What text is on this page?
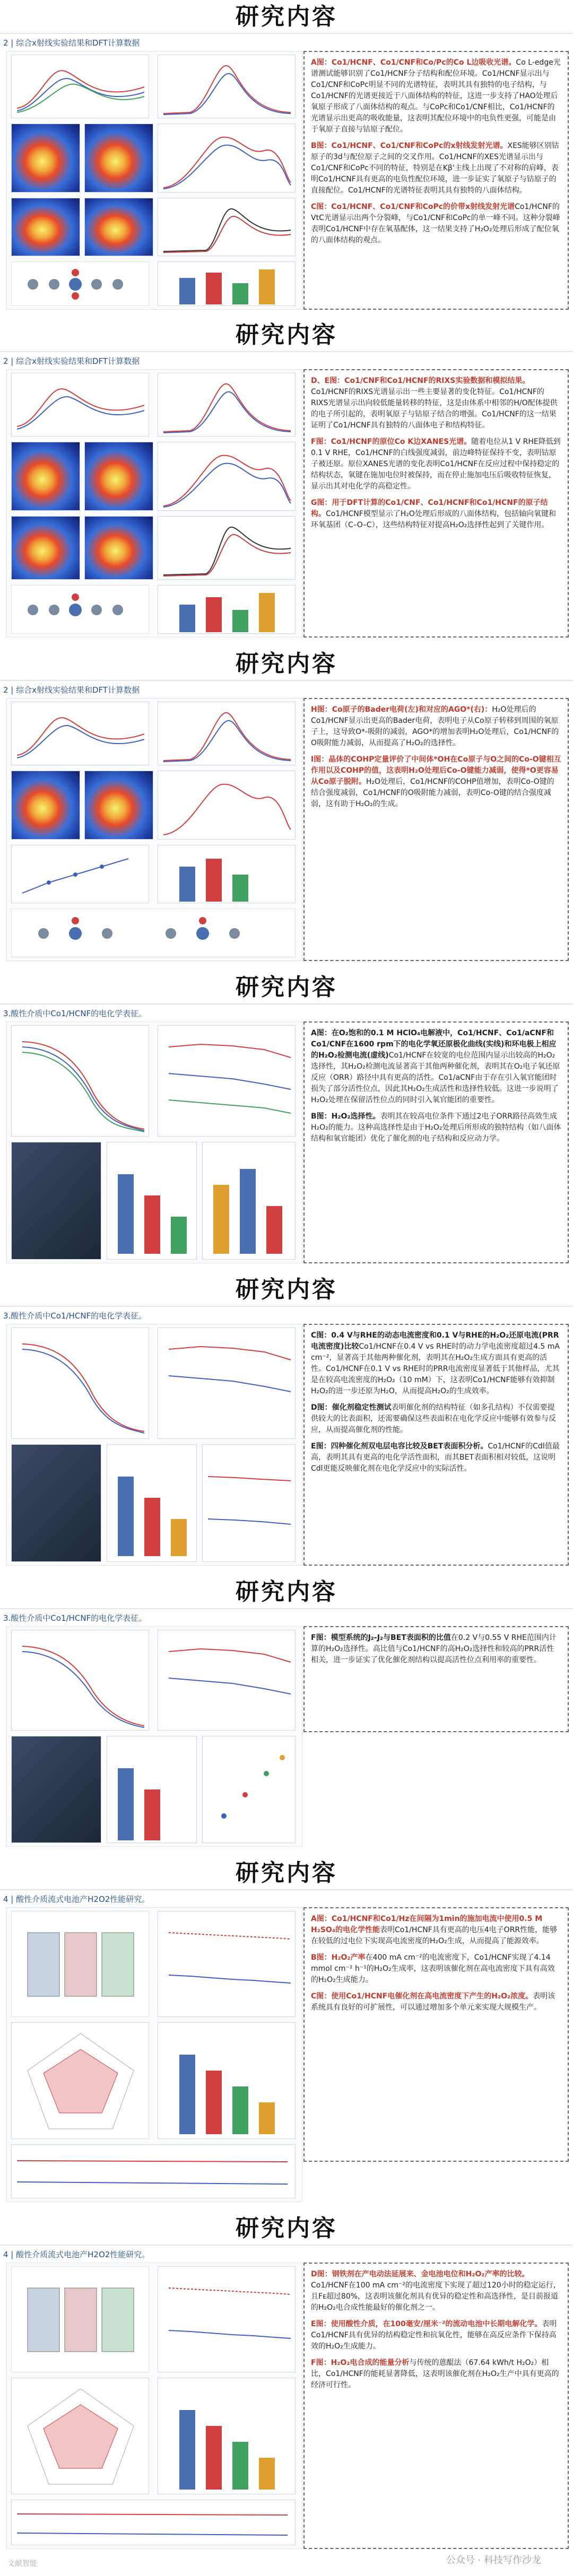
研究内容
2 | 综合x射线实验结果和DFT计算数据

A图：Co1/HCNF、Co1/CNF和Co/Pc的Co L边吸收光谱。Co L-edge光谱测试能够识别了Co1/HCNF分子结构和配位环境。Co1/HCNF显示出与Co1/CNF和CoPc明显不同的光谱特征，表明其具有独特的电子结构，与Co1/HCNF的光谱更接近于八面体结构的特征，这进一步支持了HAO处理后氧原子形成了八面体结构的观点。与CoPc和Co1/CNF相比，Co1/HCNF的光谱显示出更高的吸收能量，这表明其配位环境中的电负性更强，可能是由于氧原子直接与钴原子配位。

B图：Co1/HCNF、Co1/CNF和CoPc的x射线发射光谱。XES能够区别钴原子的3d与配位原子之间的交叉作用。Co1/HCNF的XES光谱显示出与Co1/CNF和CoPc不同的特征，特别是在Kβ'主线上出现了不对称的肩峰，表明Co1/HCNF具有更高的电负性配位环境，进一步证实了氧原子与钴原子的直接配位。Co1/HCNF的光谱特征表明其具有独特的八面体结构。

C图：Co1/HCNF、Co1/CNF和CoPc的价带x射线发射光谱Co1/HCNF的VtC光谱显示出两个分裂峰，与Co1/CNF和CoPc的单一峰不同。这种分裂峰表明Co1/HCNF中存在氧基配体，这一结果支持了H₂O₂处理后形成了配位氧的八面体结构的观点。

研究内容
2 | 综合x射线实验结果和DFT计算数据

D、E图：Co1/CNF和Co1/HCNF的RIXS实验数据和模拟结果。Co1/HCNF的RIXS光谱显示出一些主要显著的变化特征。Co1/HCNF的RIXS光谱显示出向较低能量转移的特征，这是由体系中相邻的H/O配体提供的电子所引起的，表明氧原子与钴原子结合的增强。Co1/HCNF的这一结果证明了Co1/HCNF具有独特的八面体电子和结构特征。

F图：Co1/HCNF的原位Co K边XANES光谱。随着电位从1 V RHE降低到0.1 V RHE，Co1/HCNF的白线强度减弱，前边峰特征保持不变，表明钴原子被还原。原位XANES光谱的变化表明Co1/HCNF在反应过程中保持稳定的结构状态，氧键在施加电位时被保持，而在停止施加电压后吸收特征恢复，显示出其对电化学的高稳定性。

G图：用于DFT计算的Co1/CNF、Co1/HCNF和Co1/HCNF的原子结构。Co1/HCNF模型显示了H₂O处理后形成的八面体结构，包括轴向氧键和环氧基团（C–O–C），这些结构特征对提高H₂O₂选择性起到了关键作用。

研究内容
2 | 综合x射线实验结果和DFT计算数据

H图：Co原子的Bader电荷(左)和对应的AGO*(右)：H₂O处理后的Co1/HCNF显示出更高的Bader电荷，表明电子从Co原子转移到周围的氧原子上，这导致O*-吸附的减弱，AGO*的增加表明H₂O处理后，Co1/HCNF的O吸附能力减弱，从而提高了H₂O₂的选择性。

I图：晶体的COHP定量评价了中间体*OH在Co原子与O之间的Co-O键相互作用以及COHP的值，这表明H₂O处理后Co-O键能力减弱，使得*O更容易从Co原子脱附。H₂O处理后，Co1/HCNF的COHP值增加，表明Co-O键的结合强度减弱，Co1/HCNF的O吸附能力减弱，表明Co-O键的结合强度减弱，这有助于H₂O₂的生成。

研究内容
3.酸性介质中Co1/HCNF的电化学表征。

A图：在O₂饱和的0.1 M HClO₄电解液中，Co1/HCNF、Co1/aCNF和Co1/CNF在1600 rpm下的电化学氧还原极化曲线(实线)和环电极上相应的H₂O₂检测电流(虚线)Co1/HCNF在较宽的电位范围内显示出较高的H₂O₂选择性，其H₂O₂检测电流显著高于其他两种催化剂，表明其在O₂电子氧还原反应（ORR）路径中具有更高的活性。Co1/aCNF由于存在引入氧官能团时损失了部分活性位点，因此其H₂O₂生成活性和选择性较低。这进一步说明了H₂O₂处理在保留活性位点的同时引入氧官能团的重要性。

B图：H₂O₂选择性。表明其在较高电位条件下通过2电子ORR路径高效生成H₂O₂的能力。这种高选择性是由于H₂O₂处理后所形成的独特结构（如八面体结构和氧官能团）优化了催化剂的电子结构和反应动力学。

研究内容
3.酸性介质中Co1/HCNF的电化学表征。

C图：0.4 V与RHE的动态电流密度和0.1 V与RHE的H₂O₂还原电流(PRR电流密度)比较Co1/HCNF在0.4 V vs RHE时的动力学电流密度超过4.5 mA cm⁻²，显著高于其他两种催化剂，表明其在H₂O₂生成方面具有更高的活性。Co1/HCNF在0.1 V vs RHE时的PRR电流密度显著低于其他样品，尤其是在较高电流密度的H₂O₂（10 mM）下，这表明Co1/HCNF能够有效抑制H₂O₂的进一步还原为H₂O，从而提高H₂O₂的生成效率。

D图：催化剂稳定性测试表明催化剂的结构特征（如多孔结构）不仅需要提供较大的比表面积，还需要确保这些表面积在电化学反应中能够有效参与反应，从而提高催化剂的性能。

E图：四种催化剂双电层电容比较及BET表面积分析。Co1/HCNF的Cdl值最高，表明其具有更高的电化学活性面积，而其BET表面积相对较低，这说明Cdl更能反映催化剂在电化学反应中的实际活性。

研究内容
3.酸性介质中Co1/HCNF的电化学表征。

F图：模型系统的J₂-J₂与BET表面积的比值在0.2 V与0.55 V RHE范围内计算的H₂O₂选择性。高比值与Co1/HCNF的高H₂O₂选择性和较高的PRR活性相关，进一步证实了优化催化剂结构以提高活性位点利用率的重要性。

研究内容
4 | 酸性介质流式电池产H2O2性能研究。

A图：Co1/HCNF和Co1/Hz在间隔为1min的施加电流中使用0.5 M H₂SO₄的电化学性能表明Co1/HCNF具有更高的电压4电子ORR性能，能够在较低的过电位下实现高电流密度的H₂O₂生成，从而提高了能源效率。

B图：H₂O₂产率在400 mA cm⁻²的电流密度下，Co1/HCNF实现了4.14 mmol cm⁻² h⁻¹的H₂O₂生成率，这表明该催化剂在高电流密度下具有高效的H₂O₂生成能力。

C图：使用Co1/HCNF电催化剂在高电流密度下产生的H₂O₂浓度。表明该系统具有良好的可扩展性，可以通过增加多个单元来实现大规模生产。

研究内容
4 | 酸性介质流式电池产H2O2性能研究。

D图：钢铁剂在产电动法延展来、金电池电位和H₂O₂产率的比较。Co1/HCNF在100 mA cm⁻²的电流密度下实现了超过120小时的稳定运行，且Fᴇ超过80%，这表明该催化剂具有优异的稳定性和高选择性，是目前报道的H₂O₂电合成性能最好的催化剂之一。

E图：使用酸性介质，在100毫安/厘米⁻²的流动电池中长期电解化学。表明Co1/HCNF具有优异的结构稳定性和抗氧化性，能够在高反应条件下保持高效的H₂O₂生成能力。

F图：H₂O₂电合成的能量分析与传统的蒽醌法（67.64 kWh/t H₂O₂）相比，Co1/HCNF的能耗显著降低，这表明该催化剂在H₂O₂生产中具有更高的经济可行性。

文献智能	公众号 · 科技写作沙龙
